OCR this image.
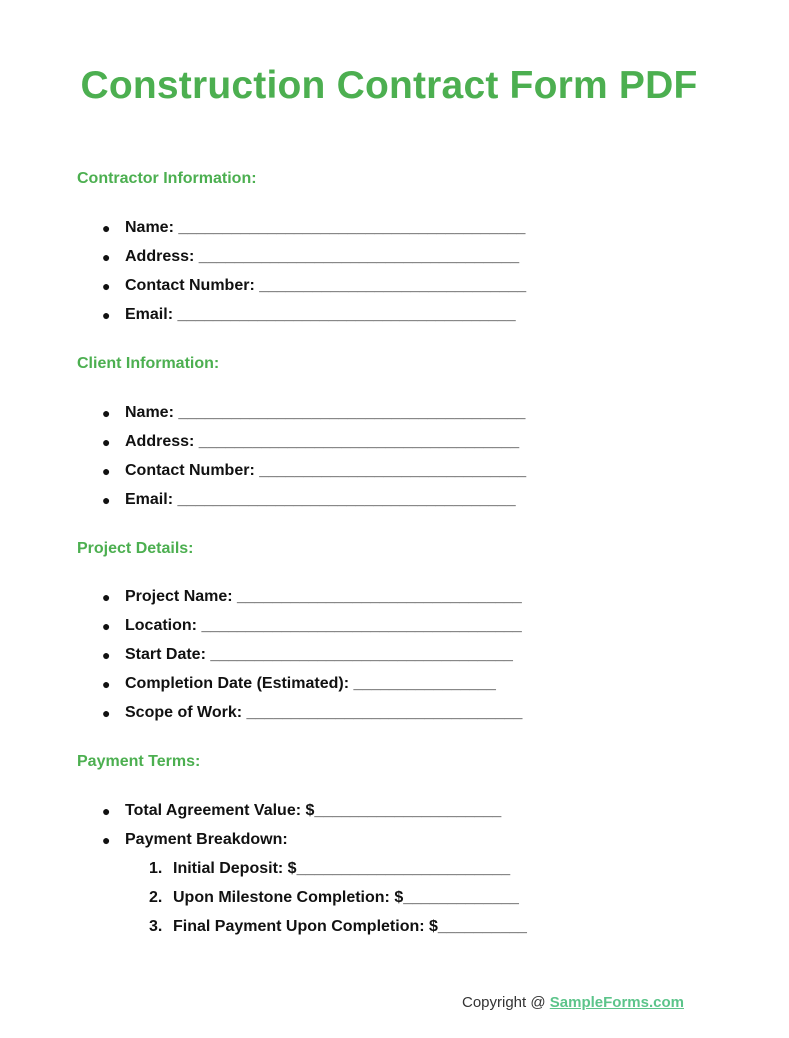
Construction Contract Form PDF
Contractor Information:
● Name: _______________________________________
● Address: ____________________________________
● Contact Number: ______________________________
● Email: ______________________________________
Client Information:
● Name: _______________________________________
● Address: ____________________________________
● Contact Number: ______________________________
● Email: ______________________________________
Project Details:
● Project Name: ________________________________
● Location: ____________________________________
● Start Date: __________________________________
● Completion Date (Estimated): ________________
● Scope of Work: _______________________________
Payment Terms:
● Total Agreement Value: $_____________________
● Payment Breakdown:
1. Initial Deposit: $________________________
2. Upon Milestone Completion: $_____________
3. Final Payment Upon Completion: $__________
Copyright @ SampleForms.com
